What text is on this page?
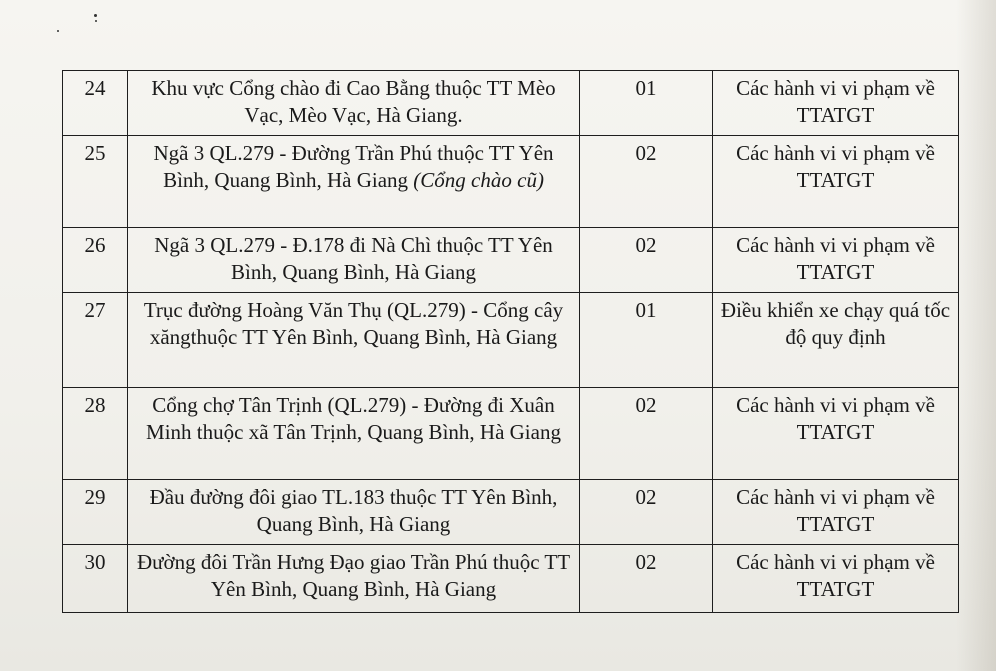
24	Khu vực Cổng chào đi Cao Bằng thuộc TT Mèo Vạc, Mèo Vạc, Hà Giang.	01	Các hành vi vi phạm về TTATGT
25	Ngã 3 QL.279 - Đường Trần Phú thuộc TT Yên Bình, Quang Bình, Hà Giang (Cổng chào cũ)	02	Các hành vi vi phạm về TTATGT
26	Ngã 3 QL.279 - Đ.178 đi Nà Chì thuộc TT Yên Bình, Quang Bình, Hà Giang	02	Các hành vi vi phạm về TTATGT
27	Trục đường Hoàng Văn Thụ (QL.279) - Cổng cây xăngthuộc TT Yên Bình, Quang Bình, Hà Giang	01	Điều khiển xe chạy quá tốc độ quy định
28	Cổng chợ Tân Trịnh (QL.279) - Đường đi Xuân Minh thuộc xã Tân Trịnh, Quang Bình, Hà Giang	02	Các hành vi vi phạm về TTATGT
29	Đầu đường đôi giao TL.183 thuộc TT Yên Bình, Quang Bình, Hà Giang	02	Các hành vi vi phạm về TTATGT
30	Đường đôi Trần Hưng Đạo giao Trần Phú thuộc TT Yên Bình, Quang Bình, Hà Giang	02	Các hành vi vi phạm về TTATGT
